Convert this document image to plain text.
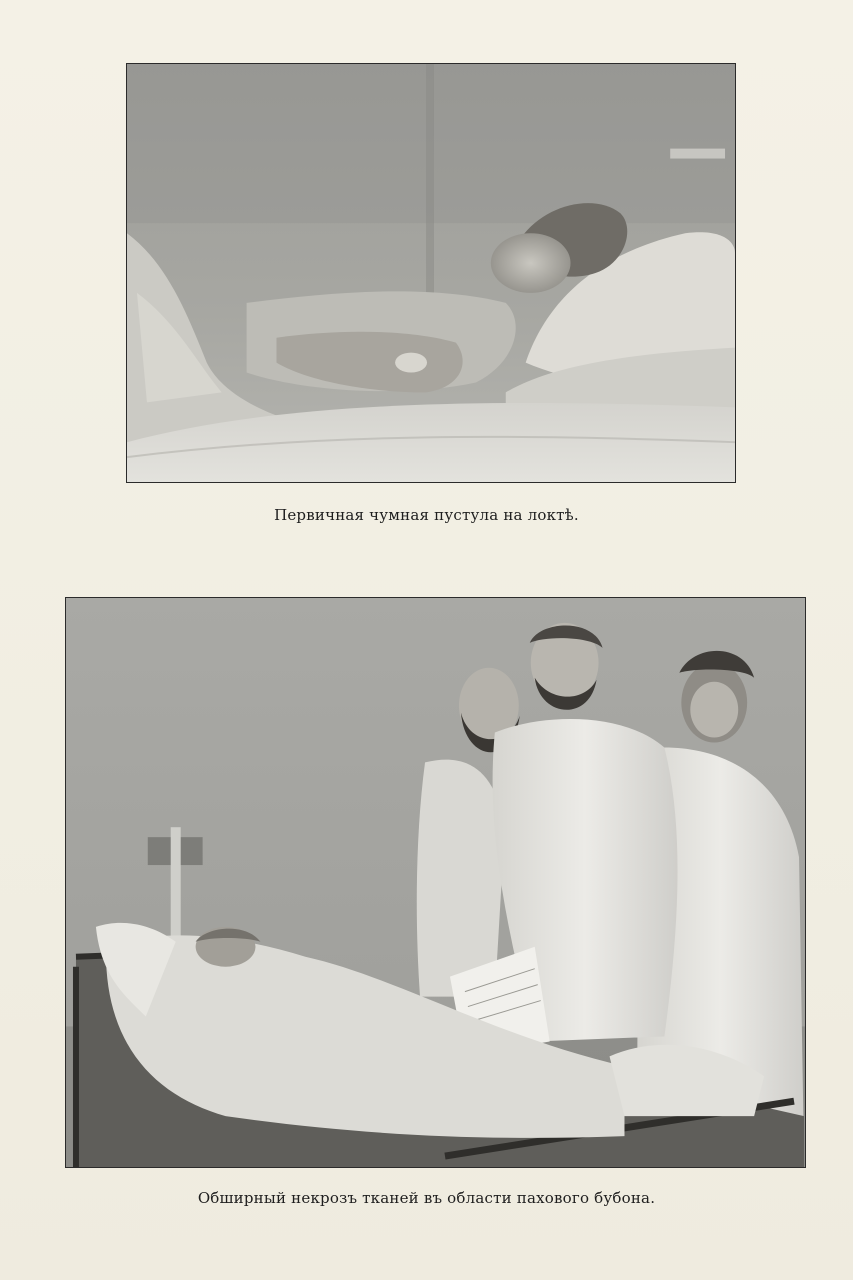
Первичная чумная пустула на локтѣ.
Обширный некрозъ тканей въ области пахового бубона.
